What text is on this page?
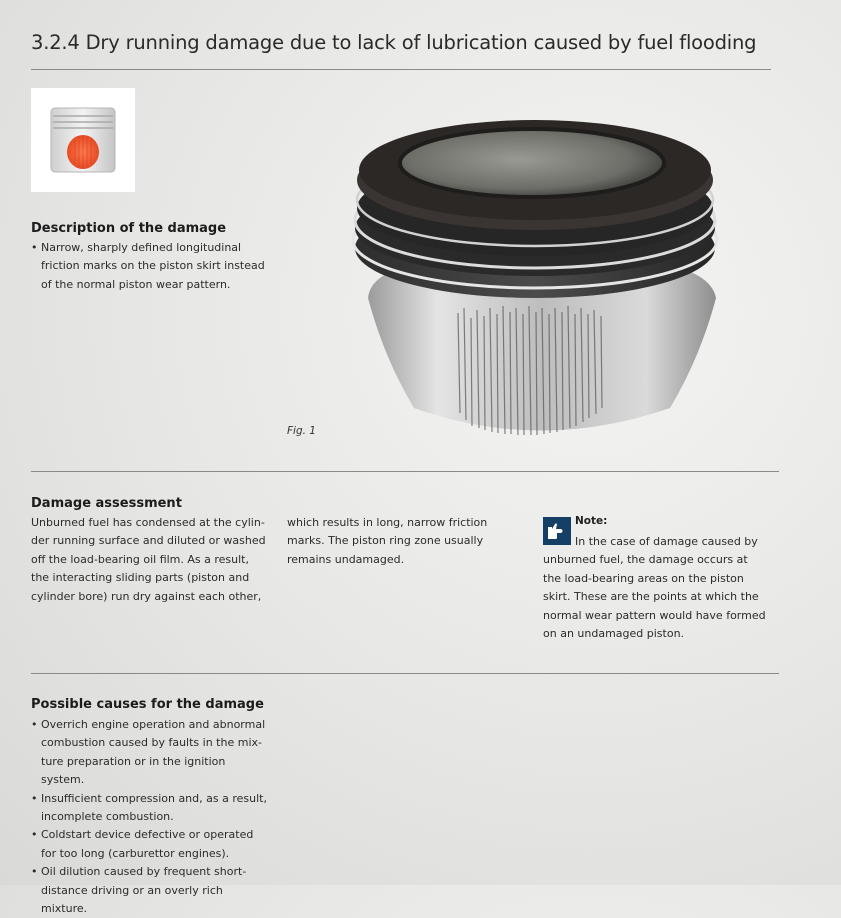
3.2.4 Dry running damage due to lack of lubrication caused by fuel flooding
Description of the damage
• Narrow, sharply defined longitudinal friction marks on the piston skirt instead of the normal piston wear pattern.
Fig. 1
Damage assessment
Unburned fuel has condensed at the cylin-der running surface and diluted or washed off the load-bearing oil film. As a result, the interacting sliding parts (piston and cylinder bore) run dry against each other,
which results in long, narrow friction marks. The piston ring zone usually remains undamaged.
Note:
In the case of damage caused by unburned fuel, the damage occurs at the load-bearing areas on the piston skirt. These are the points at which the normal wear pattern would have formed on an undamaged piston.
Possible causes for the damage
• Overrich engine operation and abnormal combustion caused by faults in the mix-ture preparation or in the ignition system.
• Insufficient compression and, as a result, incomplete combustion.
• Coldstart device defective or operated for too long (carburettor engines).
• Oil dilution caused by frequent short-distance driving or an overly rich mixture.
